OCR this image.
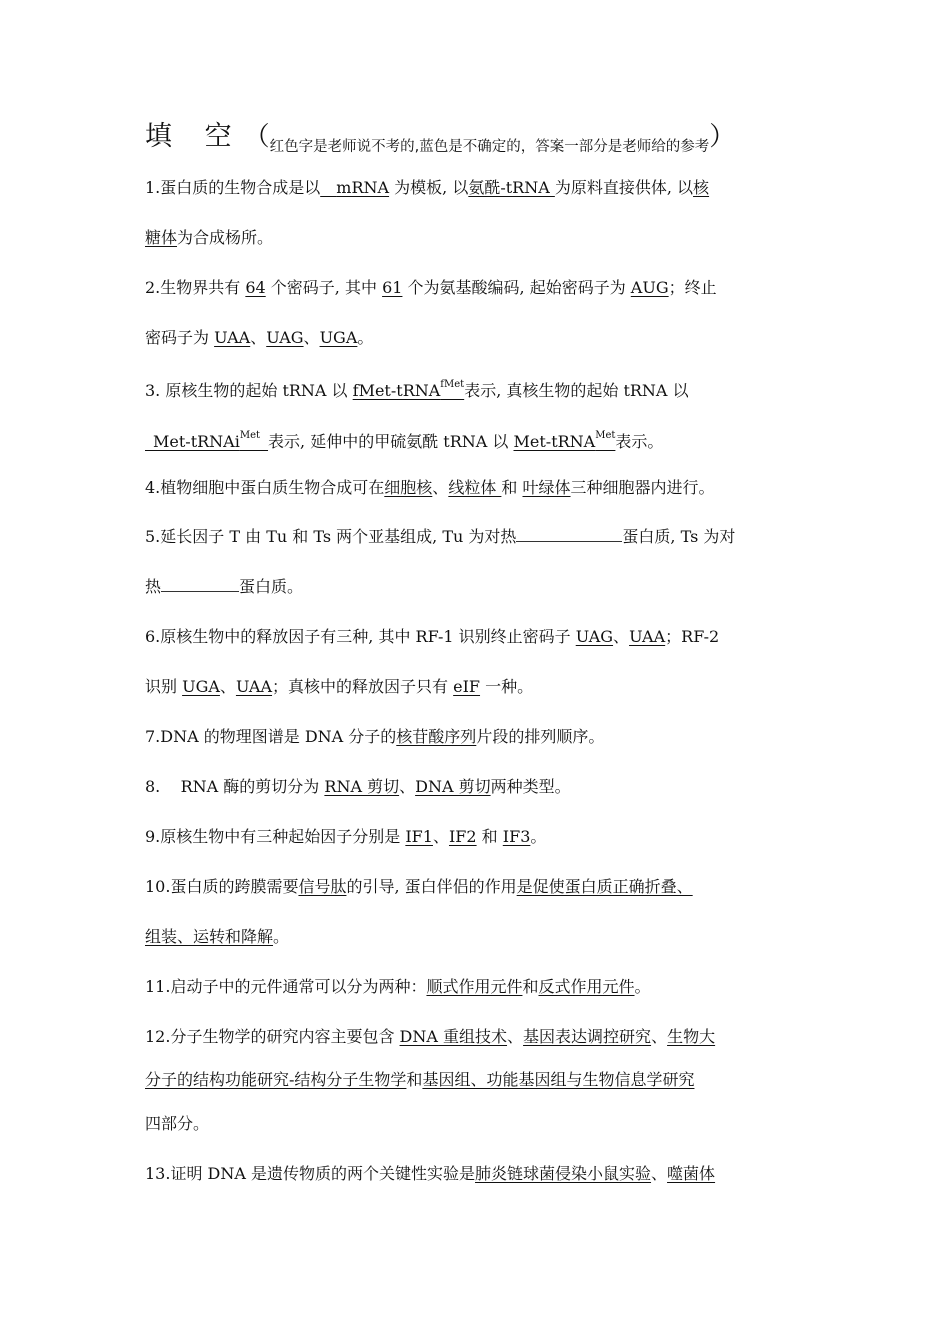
填 空（红色字是老师说不考的,蓝色是不确定的，答案一部分是老师给的参考）
1.蛋白质的生物合成是以__mRNA 为模板, 以氨酰-tRNA 为原料直接供体, 以核
糖体为合成杨所。
2.生物界共有 64 个密码子, 其中 61 个为氨基酸编码, 起始密码子为 AUG；终止
密码子为 UAA、UAG、UGA。
3. 原核生物的起始 tRNA 以 fMet-tRNA$^{fMet}$表示, 真核生物的起始 tRNA 以
_Met-tRNAi$^{Met}$_表示, 延伸中的甲硫氨酰 tRNA 以 Met-tRNA$^{Met}$表示。
4.植物细胞中蛋白质生物合成可在细胞核、线粒体 和 叶绿体三种细胞器内进行。
5.延长因子 T 由 Tu 和 Ts 两个亚基组成, Tu 为对热	蛋白质, Ts 为对
热	蛋白质。
6.原核生物中的释放因子有三种, 其中 RF-1 识别终止密码子 UAG、UAA；RF-2
识别 UGA、UAA；真核中的释放因子只有 eIF 一种。
7.DNA 的物理图谱是 DNA 分子的核苷酸序列片段的排列顺序。
8.    RNA 酶的剪切分为 RNA 剪切、DNA 剪切两种类型。
9.原核生物中有三种起始因子分别是 IF1、IF2 和 IF3。
10.蛋白质的跨膜需要信号肽的引导, 蛋白伴侣的作用是促使蛋白质正确折叠、
组装、运转和降解。
11.启动子中的元件通常可以分为两种：顺式作用元件和反式作用元件。
12.分子生物学的研究内容主要包含 DNA 重组技术、基因表达调控研究、生物大
分子的结构功能研究-结构分子生物学和基因组、功能基因组与生物信息学研究
四部分。
13.证明 DNA 是遗传物质的两个关键性实验是肺炎链球菌侵染小鼠实验、噬菌体
